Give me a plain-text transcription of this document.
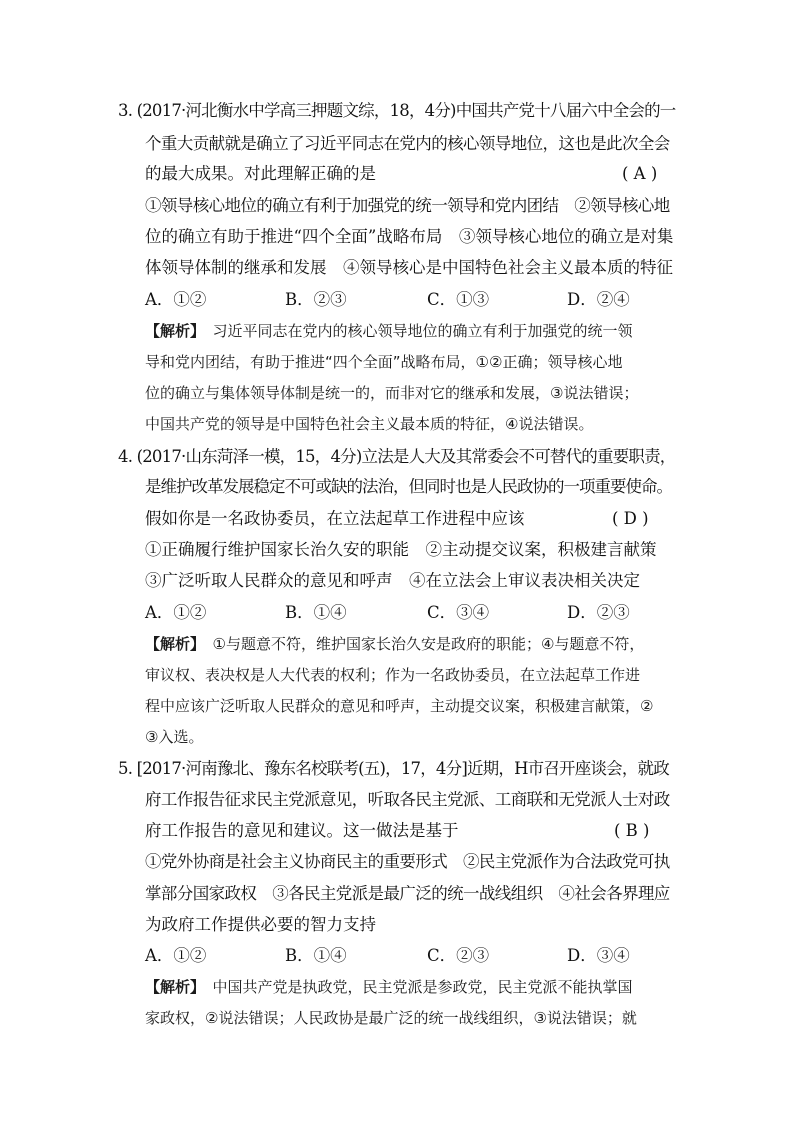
3. (2017·河北衡水中学高三押题文综，18，4分)中国共产党十八届六中全会的一
个重大贡献就是确立了习近平同志在党内的核心领导地位，这也是此次全会
的最大成果。对此理解正确的是	( A )
①领导核心地位的确立有利于加强党的统一领导和党内团结　②领导核心地
位的确立有助于推进“四个全面”战略布局　③领导核心地位的确立是对集
体领导体制的继承和发展　④领导核心是中国特色社会主义最本质的特征
A．①②	B．②③	C．①③	D．②④
【解析】　习近平同志在党内的核心领导地位的确立有利于加强党的统一领
导和党内团结，有助于推进“四个全面”战略布局，①②正确；领导核心地
位的确立与集体领导体制是统一的，而非对它的继承和发展，③说法错误；
中国共产党的领导是中国特色社会主义最本质的特征，④说法错误。
4. (2017·山东菏泽一模，15，4分)立法是人大及其常委会不可替代的重要职责，
是维护改革发展稳定不可或缺的法治，但同时也是人民政协的一项重要使命。
假如你是一名政协委员，在立法起草工作进程中应该	( D )
①正确履行维护国家长治久安的职能　②主动提交议案，积极建言献策
③广泛听取人民群众的意见和呼声　④在立法会上审议表决相关决定
A．①②	B．①④	C．③④	D．②③
【解析】　①与题意不符，维护国家长治久安是政府的职能；④与题意不符，
审议权、表决权是人大代表的权利；作为一名政协委员，在立法起草工作进
程中应该广泛听取人民群众的意见和呼声，主动提交议案，积极建言献策，②
③入选。
5. [2017·河南豫北、豫东名校联考(五)，17，4分]近期，H市召开座谈会，就政
府工作报告征求民主党派意见，听取各民主党派、工商联和无党派人士对政
府工作报告的意见和建议。这一做法是基于	( B )
①党外协商是社会主义协商民主的重要形式　②民主党派作为合法政党可执
掌部分国家政权　③各民主党派是最广泛的统一战线组织　④社会各界理应
为政府工作提供必要的智力支持
A．①②	B．①④	C．②③	D．③④
【解析】　中国共产党是执政党，民主党派是参政党，民主党派不能执掌国
家政权，②说法错误；人民政协是最广泛的统一战线组织，③说法错误；就
